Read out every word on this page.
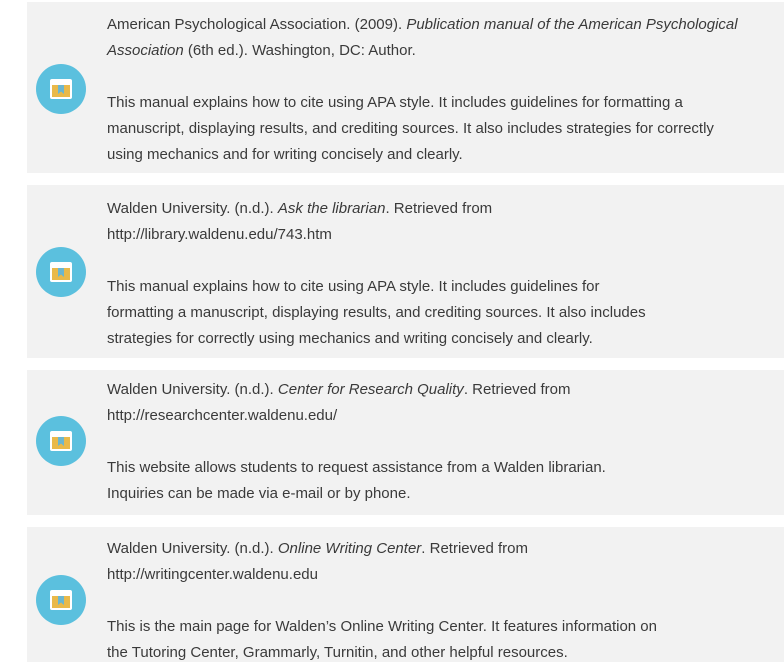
American Psychological Association. (2009). Publication manual of the American Psychological Association (6th ed.). Washington, DC: Author.

This manual explains how to cite using APA style. It includes guidelines for formatting a manuscript, displaying results, and crediting sources. It also includes strategies for correctly using mechanics and for writing concisely and clearly.

Walden University. (n.d.). Ask the librarian. Retrieved from http://library.waldenu.edu/743.htm

This manual explains how to cite using APA style. It includes guidelines for formatting a manuscript, displaying results, and crediting sources. It also includes strategies for correctly using mechanics and writing concisely and clearly.

Walden University. (n.d.). Center for Research Quality. Retrieved from http://researchcenter.waldenu.edu/

This website allows students to request assistance from a Walden librarian. Inquiries can be made via e-mail or by phone.

Walden University. (n.d.). Online Writing Center. Retrieved from http://writingcenter.waldenu.edu

This is the main page for Walden’s Online Writing Center. It features information on the Tutoring Center, Grammarly, Turnitin, and other helpful resources.
